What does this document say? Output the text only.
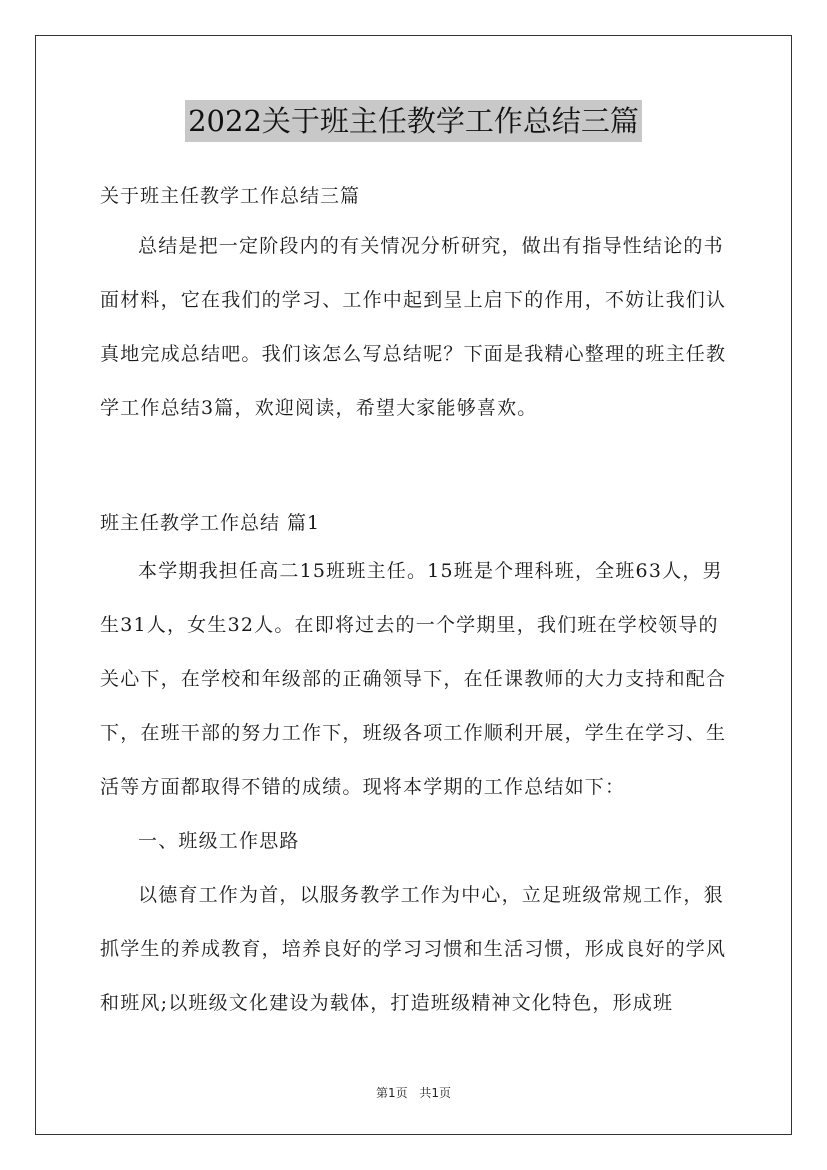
2022关于班主任教学工作总结三篇
关于班主任教学工作总结三篇

总结是把一定阶段内的有关情况分析研究，做出有指导性结论的书面材料，它在我们的学习、工作中起到呈上启下的作用，不妨让我们认真地完成总结吧。我们该怎么写总结呢？下面是我精心整理的班主任教学工作总结3篇，欢迎阅读，希望大家能够喜欢。

班主任教学工作总结 篇1

本学期我担任高二15班班主任。15班是个理科班，全班63人，男生31人，女生32人。在即将过去的一个学期里，我们班在学校领导的关心下，在学校和年级部的正确领导下，在任课教师的大力支持和配合下，在班干部的努力工作下，班级各项工作顺利开展，学生在学习、生活等方面都取得不错的成绩。现将本学期的工作总结如下：

一、班级工作思路

以德育工作为首，以服务教学工作为中心，立足班级常规工作，狠抓学生的养成教育，培养良好的学习习惯和生活习惯，形成良好的学风和班风;以班级文化建设为载体，打造班级精神文化特色，形成班

第1页 共1页
